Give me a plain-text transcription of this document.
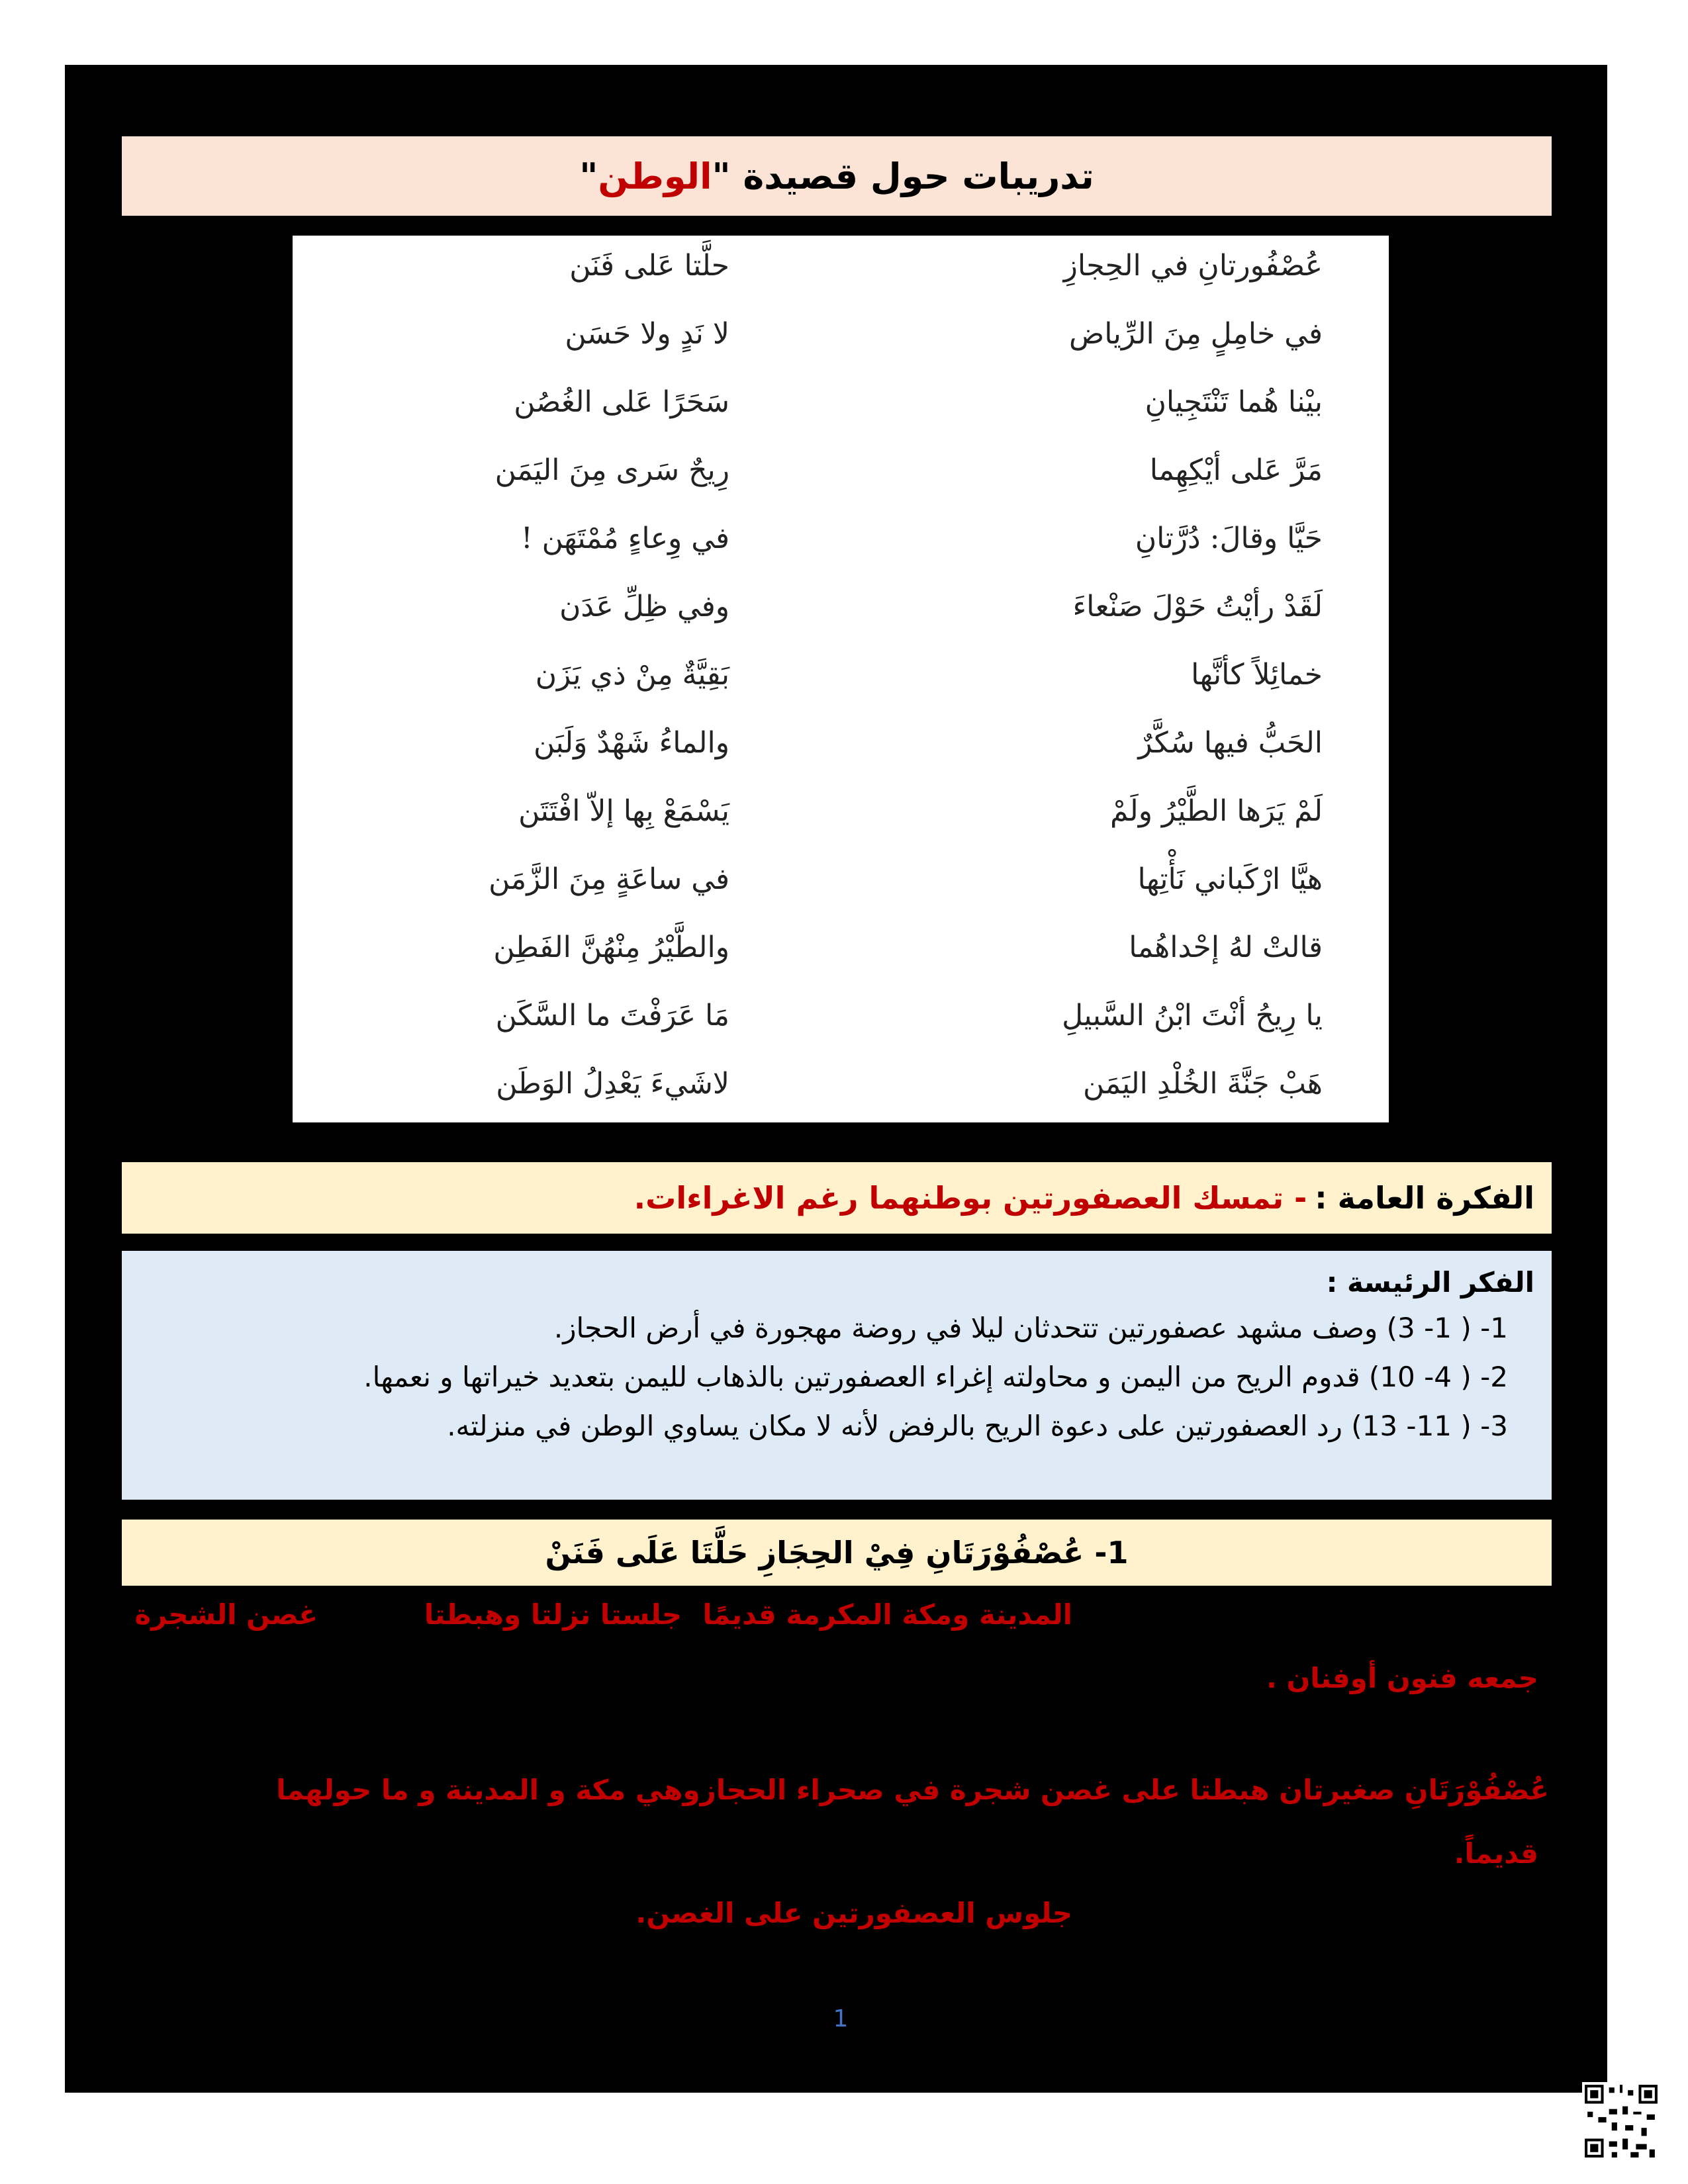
تدريبات حول قصيدة "
الوطن
"
عُصْفُورتانِ في الحِجازِ
حلَّتا عَلى فَنَن
في خامِلٍ مِنَ الرِّياض
لا نَدٍ ولا حَسَن
بيْنا هُما تَنْتَجِيانِ
سَحَرًا عَلى الغُصُن
مَرَّ عَلى أيْكِهِما
رِيحٌ سَرى مِنَ اليَمَن
حَيَّا وقالَ: دُرَّتانِ
في وِعاءٍ مُمْتَهَن !
لَقَدْ رأيْتُ حَوْلَ صَنْعاءَ
وفي ظِلِّ عَدَن
خمائِلاً كأنَّها
بَقِيَّةٌ مِنْ ذي يَزَن
الحَبُّ فيها سُكَّرٌ
والماءُ شَهْدٌ وَلَبَن
لَمْ يَرَها الطَّيْرُ ولَمْ
يَسْمَعْ بِها إلاّ افْتَتَن
هيَّا ارْكَباني نَأْتِها
في ساعَةٍ مِنَ الزَّمَن
قالتْ لهُ إحْداهُما
والطَّيْرُ مِنْهُنَّ الفَطِن
يا رِيحُ أنْتَ ابْنُ السَّبيلِ
مَا عَرَفْتَ ما السَّكَن
هَبْ جَنَّةَ الخُلْدِ اليَمَن
لاشَيءَ يَعْدِلُ الوَطَن
الفكرة العامة :
- تمسك العصفورتين بوطنهما رغم الاغراءات.
الفكر الرئيسة :
1- ( 1- 3) وصف مشهد عصفورتين تتحدثان ليلا في روضة مهجورة في أرض الحجاز.
2- ( 4- 10) قدوم الريح من اليمن و محاولته إغراء العصفورتين بالذهاب لليمن بتعديد خيراتها و نعمها.
3- ( 11- 13) رد العصفورتين على دعوة الريح بالرفض لأنه لا مكان يساوي الوطن في منزلته.
1- عُصْفُوْرَتَانِ فِيْ الحِجَازِ حَلَّتَا عَلَى فَنَنْ
المدينة ومكة المكرمة قديمًا
جلستا نزلتا وهبطتا
غصن الشجرة
جمعه فنون أوفنان .
عُصْفُوْرَتَانِ صغيرتان هبطتا على غصن شجرة في صحراء الحجازوهي مكة و المدينة و ما حولهما
قديماً.
جلوس العصفورتين على الغصن.
1
